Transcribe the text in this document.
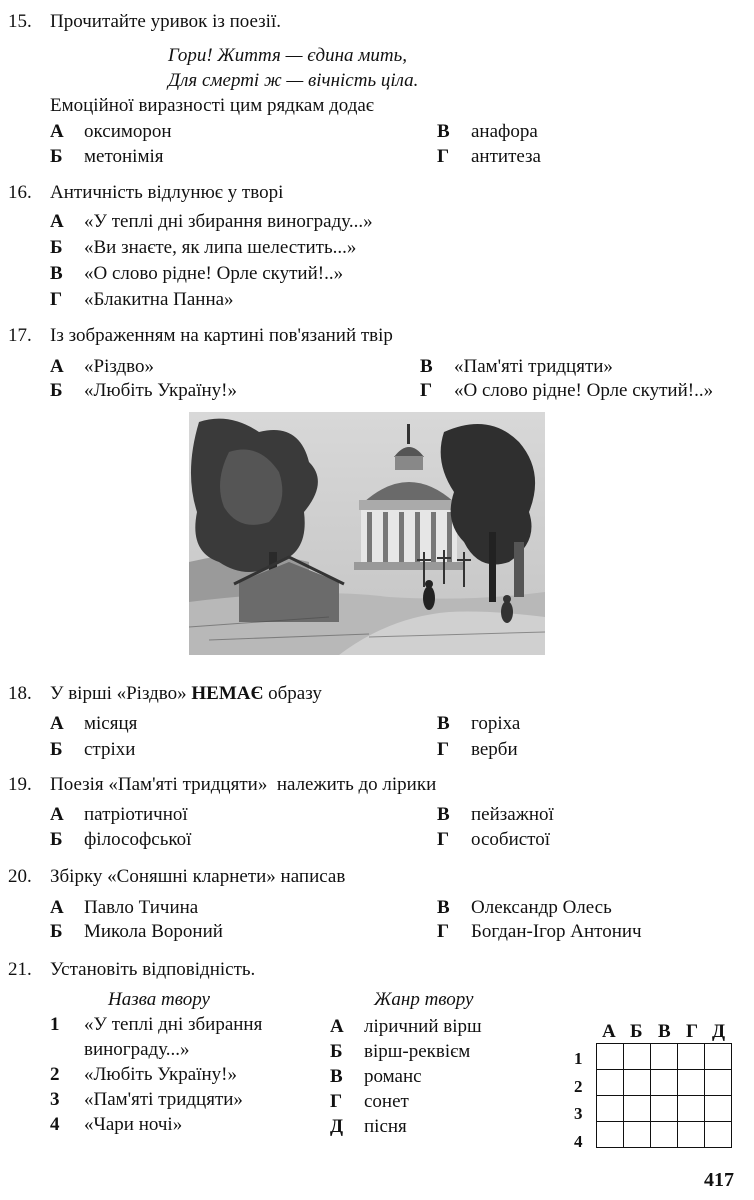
15. Прочитайте уривок із поезії.
Гори! Життя — єдина мить,
Для смерті ж — вічність ціла.
Емоційної виразності цим рядкам додає
А оксиморон
Б метонімія
В анафора
Г антитеза
16. Античність відлунює у творі
А «У теплі дні збирання винограду...»
Б «Ви знаєте, як липа шелестить...»
В «О слово рідне! Орле скутий!..»
Г «Блакитна Панна»
17. Із зображенням на картині пов'язаний твір
А «Різдво»
Б «Любіть Україну!»
В «Пам'яті тридцяти»
Г «О слово рідне! Орле скутий!..»
18. У вірші «Різдво» НЕМАЄ образу
А місяця
Б стріхи
В горіха
Г верби
19. Поезія «Пам'яті тридцяти»  належить до лірики
А патріотичної
Б філософської
В пейзажної
Г особистої
20. Збірку «Соняшні кларнети» написав
А Павло Тичина
Б Микола Вороний
В Олександр Олесь
Г Богдан-Ігор Антонич
21. Установіть відповідність.
Назва твору	Жанр твору
1 «У теплі дні збирання
винограду...»
2 «Любіть Україну!»
3 «Пам'яті тридцяти»
4 «Чари ночі»
А ліричний вірш
Б вірш-реквієм
В романс
Г сонет
Д пісня
А Б В Г Д
1
2
3
4

417
